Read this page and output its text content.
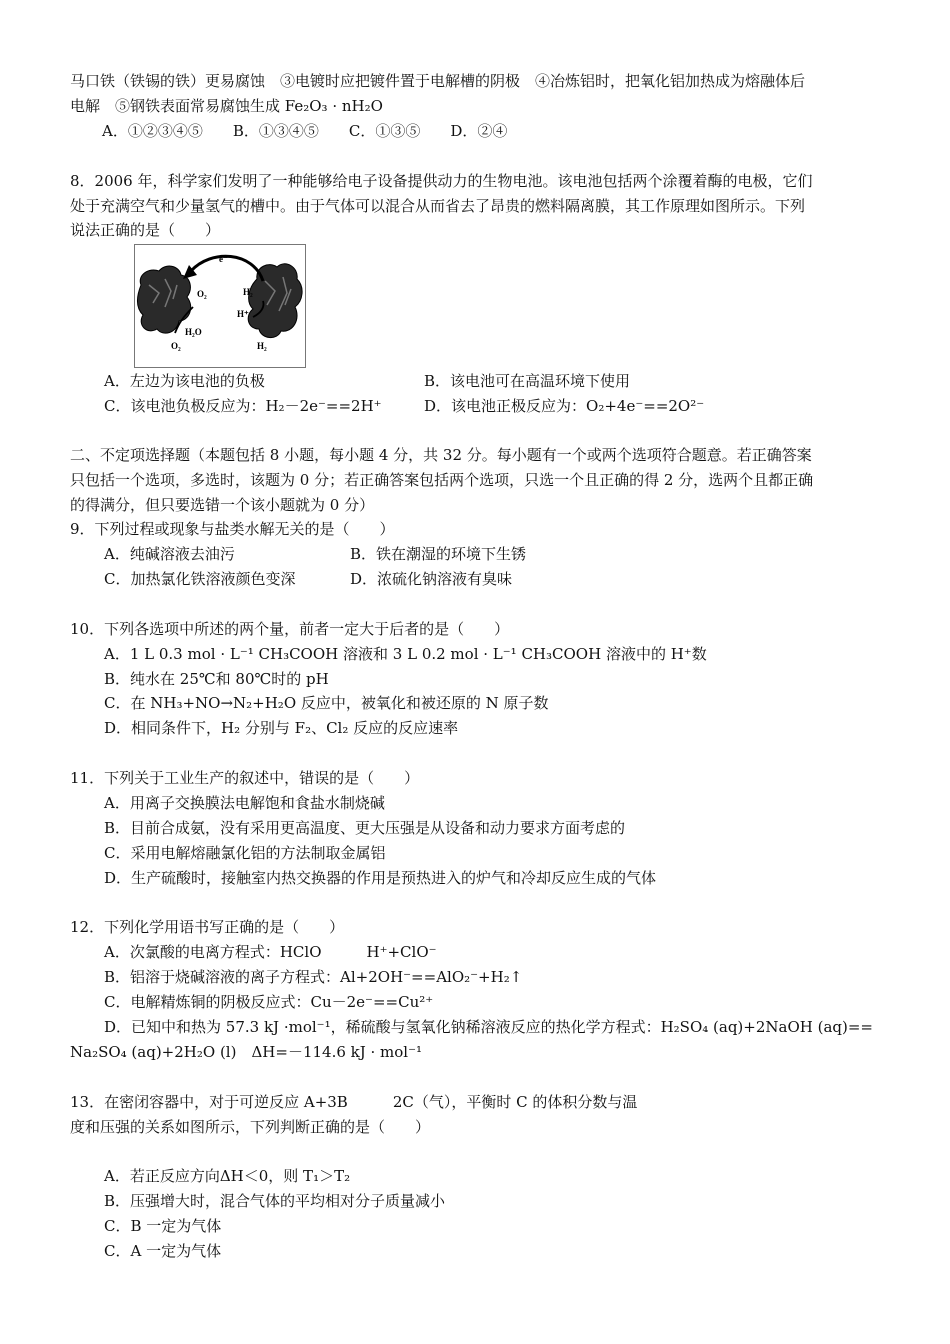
马口铁（铁锡的铁）更易腐蚀　③电镀时应把镀件置于电解槽的阴极　④冶炼铝时，把氧化铝加热成为熔融体后
电解　⑤钢铁表面常易腐蚀生成 Fe₂O₃ · nH₂O
A．①②③④⑤　　B．①③④⑤　　C．①③⑤　　D．②④
8．2006 年，科学家们发明了一种能够给电子设备提供动力的生物电池。该电池包括两个涂覆着酶的电极，它们
处于充满空气和少量氢气的槽中。由于气体可以混合从而省去了昂贵的燃料隔离膜，其工作原理如图所示。下列
说法正确的是（　　）
e⁻
O₂
H₂O
O₂
H₂
H⁺
H₂
A．左边为该电池的负极	B．该电池可在高温环境下使用
C．该电池负极反应为：H₂－2e⁻==2H⁺	D．该电池正极反应为：O₂+4e⁻==2O²⁻
二、不定项选择题（本题包括 8 小题，每小题 4 分，共 32 分。每小题有一个或两个选项符合题意。若正确答案
只包括一个选项，多选时，该题为 0 分；若正确答案包括两个选项，只选一个且正确的得 2 分，选两个且都正确
的得满分，但只要选错一个该小题就为 0 分）
9．下列过程或现象与盐类水解无关的是（　　）
A．纯碱溶液去油污	B．铁在潮湿的环境下生锈
C．加热氯化铁溶液颜色变深	D．浓硫化钠溶液有臭味
10．下列各选项中所述的两个量，前者一定大于后者的是（　　）
A．1 L 0.3 mol · L⁻¹ CH₃COOH 溶液和 3 L 0.2 mol · L⁻¹ CH₃COOH 溶液中的 H⁺数
B．纯水在 25℃和 80℃时的 pH
C．在 NH₃+NO→N₂+H₂O 反应中，被氧化和被还原的 N 原子数
D．相同条件下，H₂ 分别与 F₂、Cl₂ 反应的反应速率
11．下列关于工业生产的叙述中，错误的是（　　）
A．用离子交换膜法电解饱和食盐水制烧碱
B．目前合成氨，没有采用更高温度、更大压强是从设备和动力要求方面考虑的
C．采用电解熔融氯化铝的方法制取金属铝
D．生产硫酸时，接触室内热交换器的作用是预热进入的炉气和冷却反应生成的气体
12．下列化学用语书写正确的是（　　）
A．次氯酸的电离方程式：HClO　　　H⁺+ClO⁻
B．铝溶于烧碱溶液的离子方程式：Al+2OH⁻==AlO₂⁻+H₂↑
C．电解精炼铜的阴极反应式：Cu－2e⁻==Cu²⁺
D．已知中和热为 57.3 kJ ·mol⁻¹，稀硫酸与氢氧化钠稀溶液反应的热化学方程式：H₂SO₄ (aq)+2NaOH (aq)==
Na₂SO₄ (aq)+2H₂O (l)　ΔH=－114.6 kJ · mol⁻¹
13．在密闭容器中，对于可逆反应 A+3B　　　2C（气），平衡时 C 的体积分数与温
度和压强的关系如图所示，下列判断正确的是（　　）
A．若正反应方向ΔH＜0，则 T₁＞T₂
B．压强增大时，混合气体的平均相对分子质量减小
C．B 一定为气体
C．A 一定为气体
